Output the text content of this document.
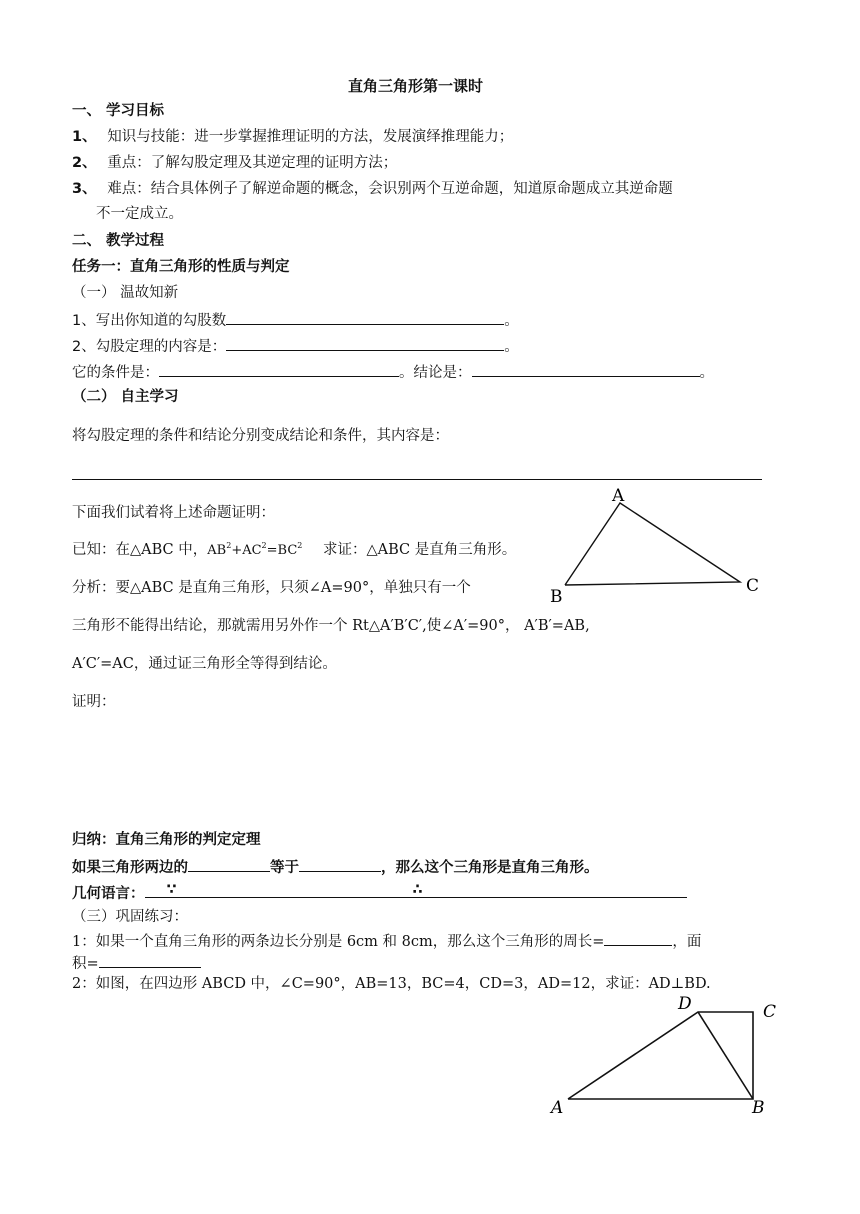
直角三角形第一课时
一、 学习目标
1、 知识与技能：进一步掌握推理证明的方法，发展演绎推理能力；
2、 重点：了解勾股定理及其逆定理的证明方法；
3、 难点：结合具体例子了解逆命题的概念，会识别两个互逆命题，知道原命题成立其逆命题
不一定成立。
二、 教学过程
任务一：直角三角形的性质与判定
（一） 温故知新
1、写出你知道的勾股数	。
2、勾股定理的内容是：	。
它的条件是：	。结论是：	。
（二） 自主学习
将勾股定理的条件和结论分别变成结论和条件，其内容是：
下面我们试着将上述命题证明：
已知：在△ABC 中，$AB^2+AC^2=BC^2$ 求证：△ABC 是直角三角形。
分析：要△ABC 是直角三角形，只须∠A=90°，单独只有一个
三角形不能得出结论，那就需用另外作一个 Rt△A′B′C′,使∠A′=90°， A′B′=AB,
A′C′=AC，通过证三角形全等得到结论。
证明：
A
B
C
归纳：直角三角形的判定定理
如果三角形两边的	等于	，那么这个三角形是直角三角形。
几何语言： ∵	∴
（三）巩固练习：
1：如果一个直角三角形的两条边长分别是 6cm 和 8cm，那么这个三角形的周长=	，面
积=
2：如图，在四边形 ABCD 中，∠C=90°，AB=13，BC=4，CD=3，AD=12，求证：AD⊥BD.
A	B
C
D
